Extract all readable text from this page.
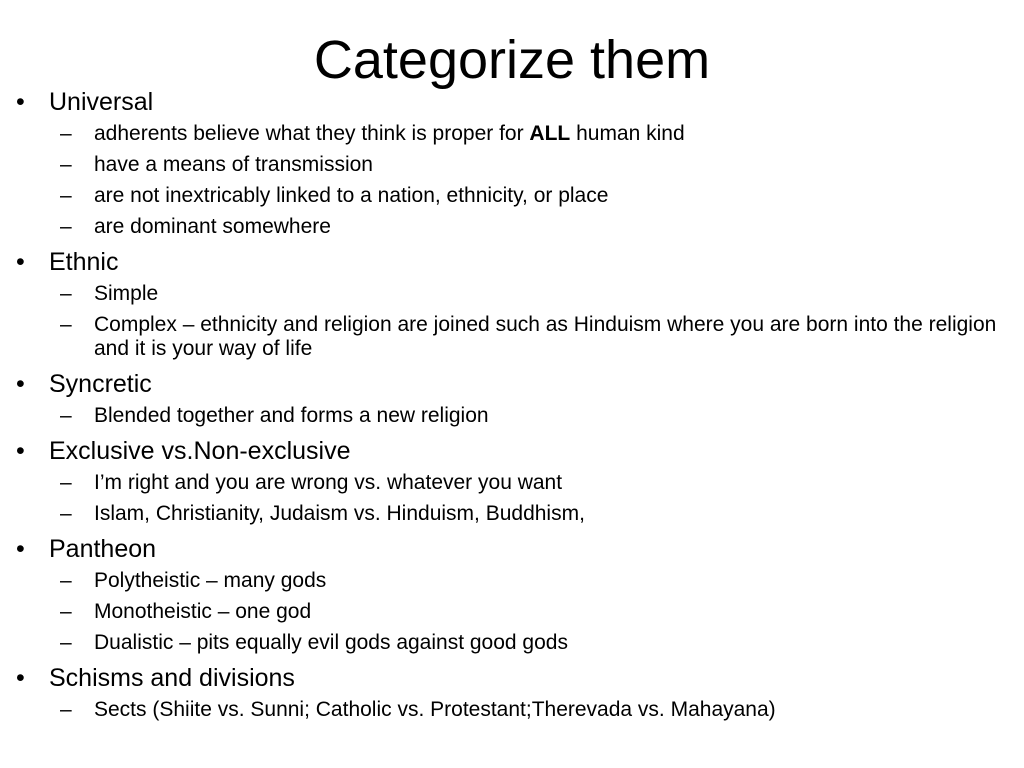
Categorize them
• Universal
–	adherents believe what they think is proper for ALL human kind
–	have a means of transmission
–	are not inextricably linked to a nation, ethnicity, or place
–	are dominant somewhere
• Ethnic
–	Simple
–	Complex – ethnicity and religion are joined such as Hinduism where you are born into the religion and it is your way of life
• Syncretic
–	Blended together and forms a new religion
• Exclusive vs.Non-exclusive
–	I’m right and you are wrong vs. whatever you want
–	Islam, Christianity, Judaism vs. Hinduism, Buddhism,
• Pantheon
–	Polytheistic – many gods
–	Monotheistic – one god
–	Dualistic – pits equally evil gods against good gods
• Schisms and divisions
–	Sects (Shiite vs. Sunni; Catholic vs. Protestant;Therevada vs. Mahayana)
